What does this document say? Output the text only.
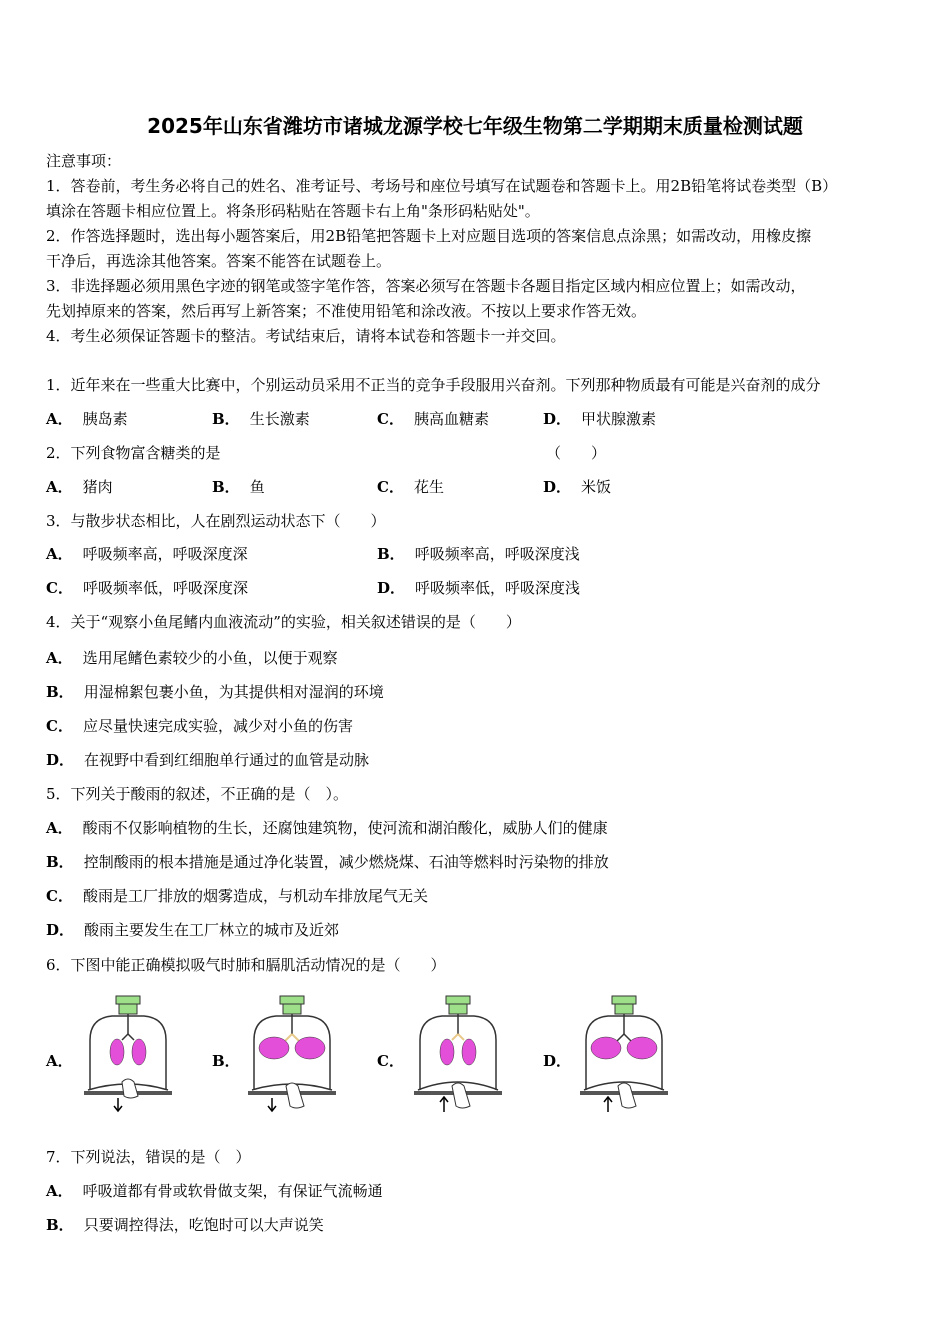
2025年山东省潍坊市诸城龙源学校七年级生物第二学期期末质量检测试题
注意事项：
1．答卷前，考生务必将自己的姓名、准考证号、考场号和座位号填写在试题卷和答题卡上。用2B铅笔将试卷类型（B）
填涂在答题卡相应位置上。将条形码粘贴在答题卡右上角"条形码粘贴处"。
2．作答选择题时，选出每小题答案后，用2B铅笔把答题卡上对应题目选项的答案信息点涂黑；如需改动，用橡皮擦
干净后，再选涂其他答案。答案不能答在试题卷上。
3．非选择题必须用黑色字迹的钢笔或签字笔作答，答案必须写在答题卡各题目指定区域内相应位置上；如需改动，
先划掉原来的答案，然后再写上新答案；不准使用铅笔和涂改液。不按以上要求作答无效。
4．考生必须保证答题卡的整洁。考试结束后，请将本试卷和答题卡一并交回。
1．近年来在一些重大比赛中，个别运动员采用不正当的竞争手段服用兴奋剂。下列那种物质最有可能是兴奋剂的成分
A． 胰岛素	B． 生长激素	C． 胰高血糖素	D． 甲状腺激素
2．下列食物富含糖类的是	（　　）
A． 猪肉	B． 鱼	C． 花生	D． 米饭
3．与散步状态相比，人在剧烈运动状态下（　　）
A． 呼吸频率高，呼吸深度深	B． 呼吸频率高，呼吸深度浅
C． 呼吸频率低，呼吸深度深	D． 呼吸频率低，呼吸深度浅
4．关于“观察小鱼尾鳍内血液流动”的实验，相关叙述错误的是（　　）
A． 选用尾鳍色素较少的小鱼，以便于观察
B． 用湿棉絮包裹小鱼，为其提供相对湿润的环境
C． 应尽量快速完成实验，减少对小鱼的伤害
D． 在视野中看到红细胞单行通过的血管是动脉
5．下列关于酸雨的叙述，不正确的是（　）。
A． 酸雨不仅影响植物的生长，还腐蚀建筑物，使河流和湖泊酸化，威胁人们的健康
B． 控制酸雨的根本措施是通过净化装置，减少燃烧煤、石油等燃料时污染物的排放
C． 酸雨是工厂排放的烟雾造成，与机动车排放尾气无关
D． 酸雨主要发生在工厂林立的城市及近郊
6．下图中能正确模拟吸气时肺和膈肌活动情况的是（　　）
A．	B．	C．	D．
7．下列说法，错误的是（　）
A． 呼吸道都有骨或软骨做支架，有保证气流畅通
B． 只要调控得法，吃饱时可以大声说笑
